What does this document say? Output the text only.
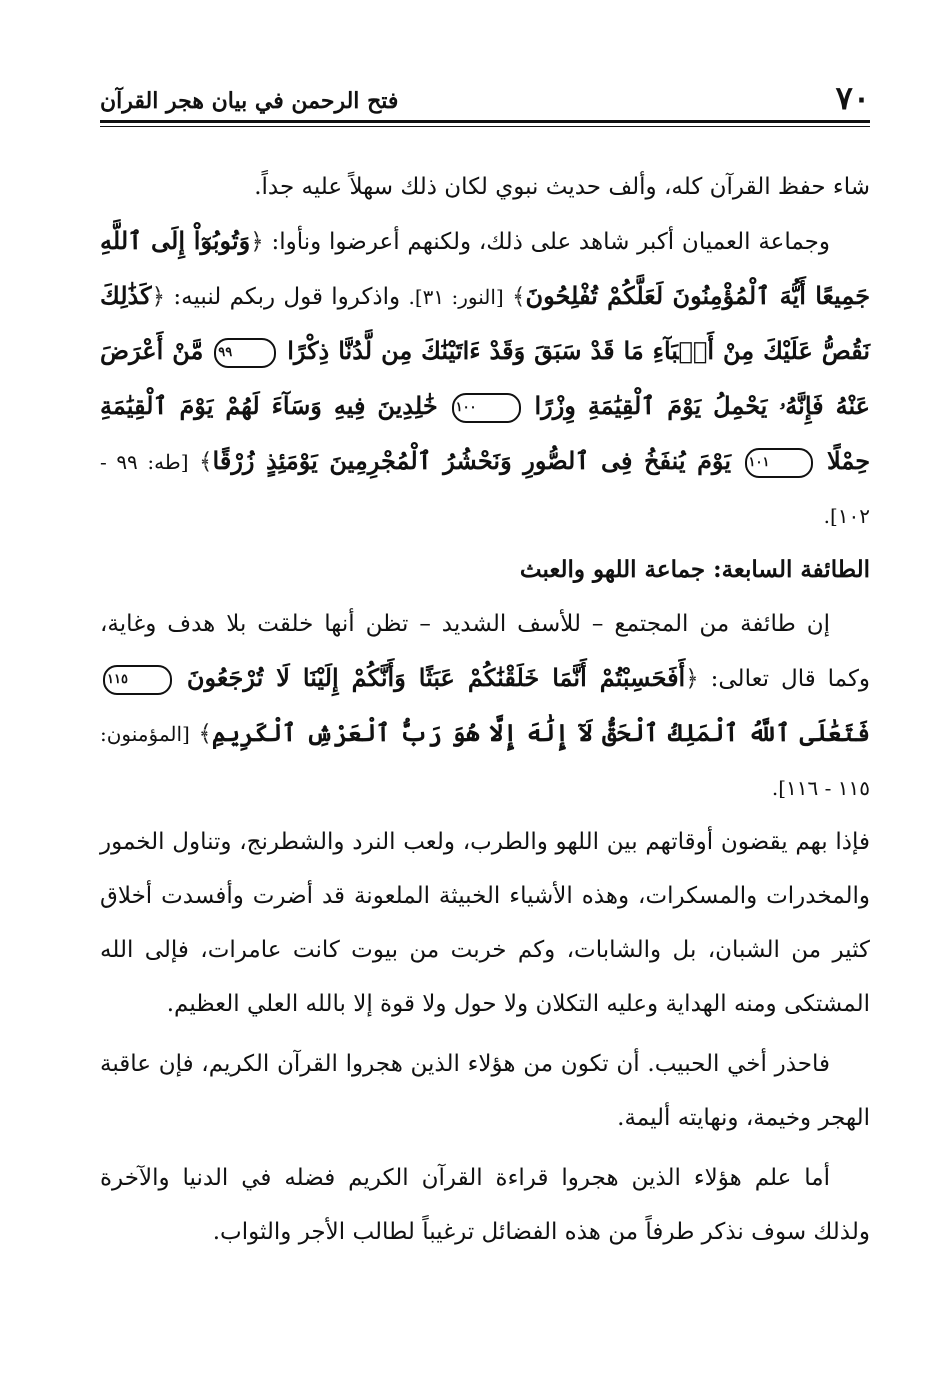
٧٠
فتح الرحمن في بيان هجر القرآن

شاء حفظ القرآن كله، وألف حديث نبوي لكان ذلك سهلاً عليه جداً.

وجماعة العميان أكبر شاهد على ذلك، ولكنهم أعرضوا ونأوا: ﴿وَتُوبُوٓاْ إِلَى ٱللَّهِ جَمِيعًا أَيُّهَ ٱلْمُؤْمِنُونَ لَعَلَّكُمْ تُفْلِحُونَ﴾ [النور: ٣١]. واذكروا قول ربكم لنبيه: ﴿كَذَٰلِكَ نَقُصُّ عَلَيْكَ مِنْ أَنۢبَآءِ مَا قَدْ سَبَقَ وَقَدْ ءَاتَيْنَٰكَ مِن لَّدُنَّا ذِكْرًا ٩٩ مَّنْ أَعْرَضَ عَنْهُ فَإِنَّهُۥ يَحْمِلُ يَوْمَ ٱلْقِيَٰمَةِ وِزْرًا ١٠٠ خَٰلِدِينَ فِيهِ وَسَآءَ لَهُمْ يَوْمَ ٱلْقِيَٰمَةِ حِمْلًا ١٠١ يَوْمَ يُنفَخُ فِى ٱلصُّورِ وَنَحْشُرُ ٱلْمُجْرِمِينَ يَوْمَئِذٍ زُرْقًا﴾ [طه: ٩٩ - ١٠٢].

الطائفة السابعة: جماعة اللهو والعبث

إن طائفة من المجتمع – للأسف الشديد – تظن أنها خلقت بلا هدف وغاية، وكما قال تعالى: ﴿أَفَحَسِبْتُمْ أَنَّمَا خَلَقْنَٰكُمْ عَبَثًا وَأَنَّكُمْ إِلَيْنَا لَا تُرْجَعُونَ ١١٥ فَتَعَٰلَى ٱللَّهُ ٱلْمَلِكُ ٱلْحَقُّ لَآ إِلَٰهَ إِلَّا هُوَ رَبُّ ٱلْعَرْشِ ٱلْكَرِيمِ﴾ [المؤمنون: ١١٥ - ١١٦].

فإذا بهم يقضون أوقاتهم بين اللهو والطرب، ولعب النرد والشطرنج، وتناول الخمور والمخدرات والمسكرات، وهذه الأشياء الخبيثة الملعونة قد أضرت وأفسدت أخلاق كثير من الشبان، بل والشابات، وكم خربت من بيوت كانت عامرات، فإلى الله المشتكى ومنه الهداية وعليه التكلان ولا حول ولا قوة إلا بالله العلي العظيم.

فاحذر أخي الحبيب. أن تكون من هؤلاء الذين هجروا القرآن الكريم، فإن عاقبة الهجر وخيمة، ونهايته أليمة.

أما علم هؤلاء الذين هجروا قراءة القرآن الكريم فضله في الدنيا والآخرة ولذلك سوف نذكر طرفاً من هذه الفضائل ترغيباً لطالب الأجر والثواب.
